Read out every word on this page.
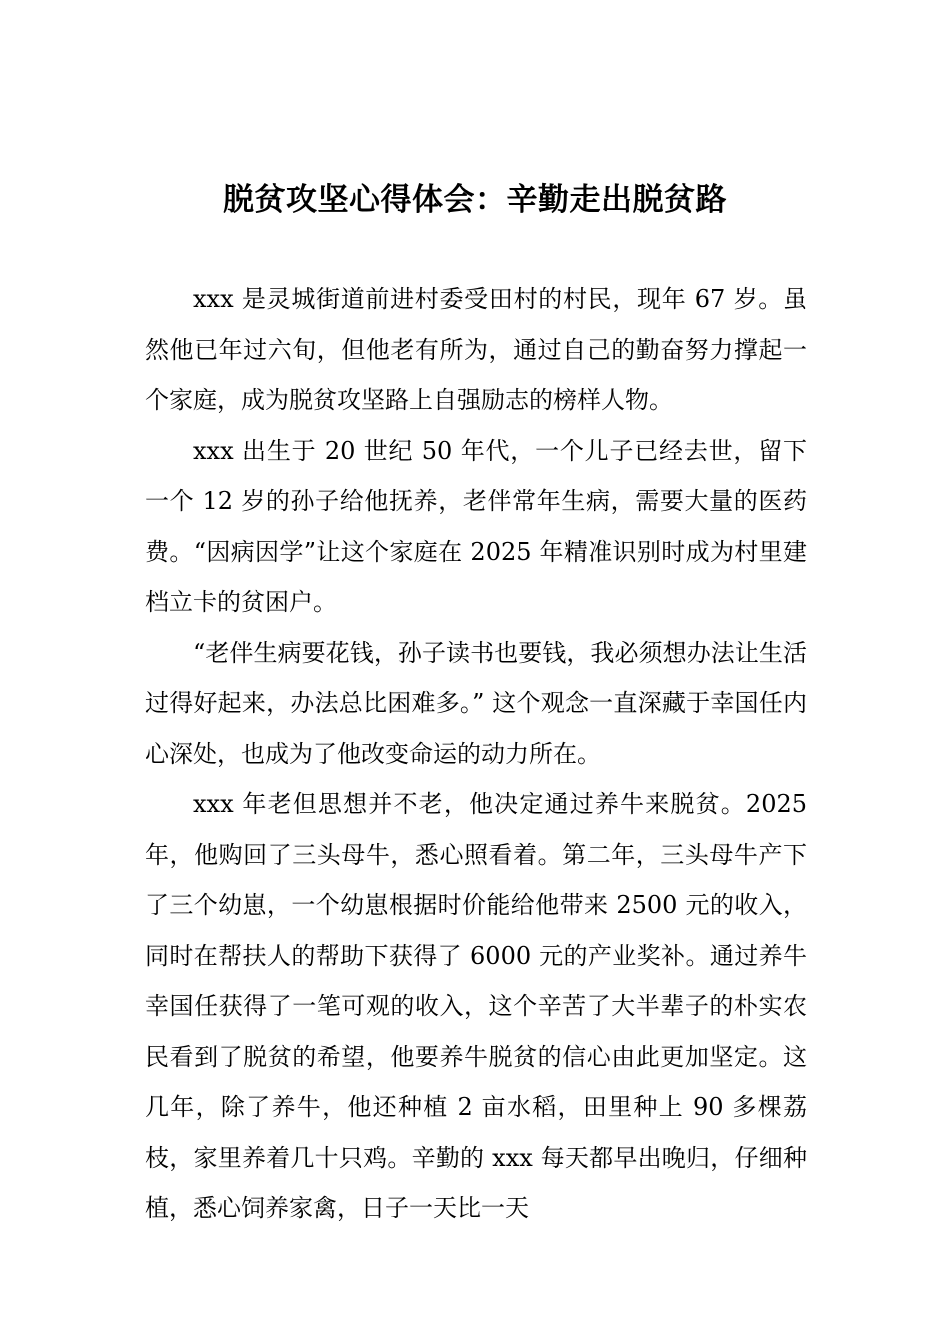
脱贫攻坚心得体会：辛勤走出脱贫路

xxx 是灵城街道前进村委受田村的村民，现年 67 岁。虽然他已年过六旬，但他老有所为，通过自己的勤奋努力撑起一个家庭，成为脱贫攻坚路上自强励志的榜样人物。

xxx 出生于 20 世纪 50 年代，一个儿子已经去世，留下一个 12 岁的孙子给他抚养，老伴常年生病，需要大量的医药费。“因病因学”让这个家庭在 2025 年精准识别时成为村里建档立卡的贫困户。

“老伴生病要花钱，孙子读书也要钱，我必须想办法让生活过得好起来，办法总比困难多。” 这个观念一直深藏于幸国任内心深处，也成为了他改变命运的动力所在。

xxx 年老但思想并不老，他决定通过养牛来脱贫。2025 年，他购回了三头母牛，悉心照看着。第二年，三头母牛产下了三个幼崽，一个幼崽根据时价能给他带来 2500 元的收入，同时在帮扶人的帮助下获得了 6000 元的产业奖补。通过养牛幸国任获得了一笔可观的收入，这个辛苦了大半辈子的朴实农民看到了脱贫的希望，他要养牛脱贫的信心由此更加坚定。这几年，除了养牛，他还种植 2 亩水稻，田里种上 90 多棵荔枝，家里养着几十只鸡。辛勤的 xxx 每天都早出晚归，仔细种植，悉心饲养家禽，日子一天比一天
